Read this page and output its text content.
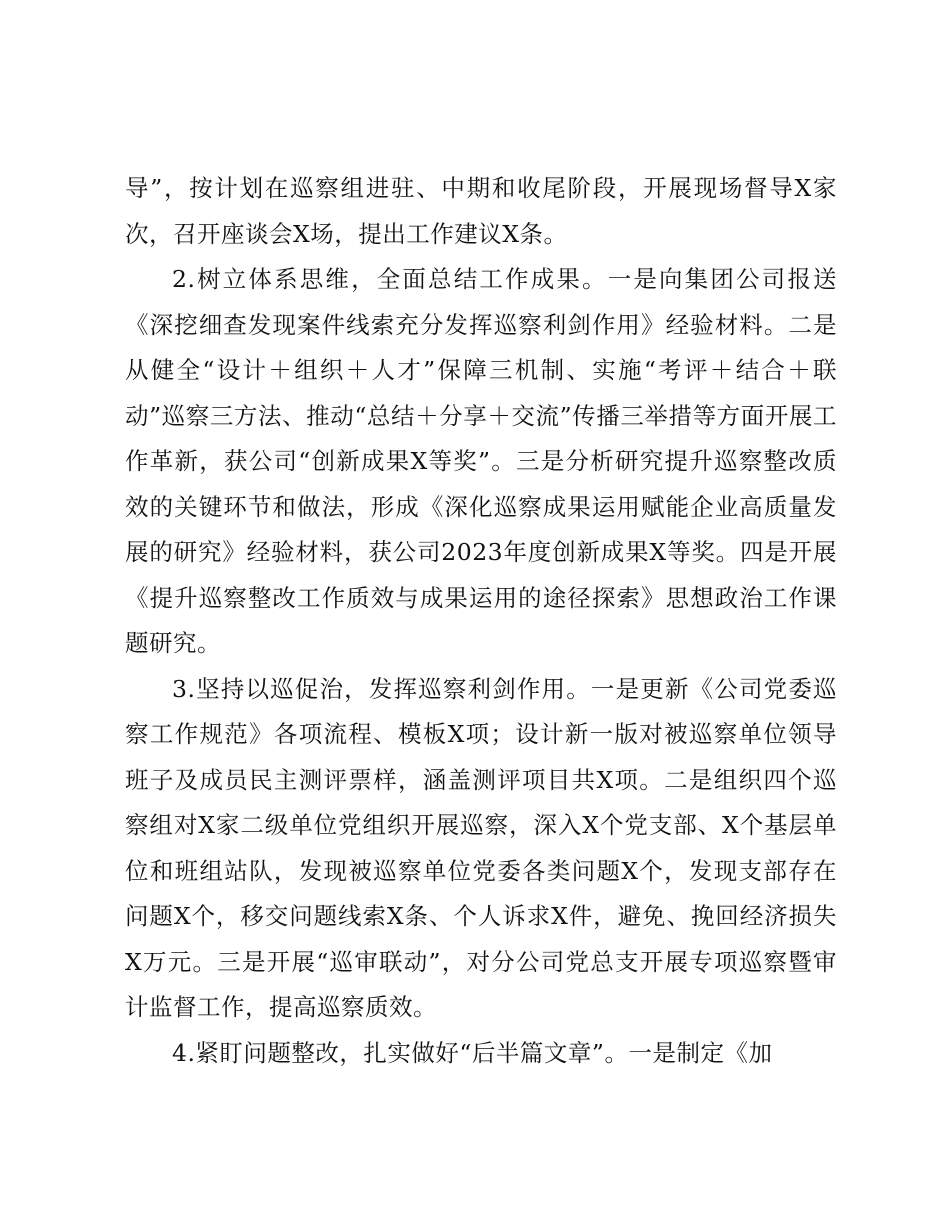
导”，按计划在巡察组进驻、中期和收尾阶段，开展现场督导X家次，召开座谈会X场，提出工作建议X条。

2.树立体系思维，全面总结工作成果。一是向集团公司报送《深挖细查发现案件线索充分发挥巡察利剑作用》经验材料。二是从健全“设计＋组织＋人才”保障三机制、实施“考评＋结合＋联动”巡察三方法、推动“总结＋分享＋交流”传播三举措等方面开展工作革新，获公司“创新成果X等奖”。三是分析研究提升巡察整改质效的关键环节和做法，形成《深化巡察成果运用赋能企业高质量发展的研究》经验材料，获公司2023年度创新成果X等奖。四是开展《提升巡察整改工作质效与成果运用的途径探索》思想政治工作课题研究。

3.坚持以巡促治，发挥巡察利剑作用。一是更新《公司党委巡察工作规范》各项流程、模板X项；设计新一版对被巡察单位领导班子及成员民主测评票样，涵盖测评项目共X项。二是组织四个巡察组对X家二级单位党组织开展巡察，深入X个党支部、X个基层单位和班组站队，发现被巡察单位党委各类问题X个，发现支部存在问题X个，移交问题线索X条、个人诉求X件，避免、挽回经济损失X万元。三是开展“巡审联动”，对分公司党总支开展专项巡察暨审计监督工作，提高巡察质效。

4.紧盯问题整改，扎实做好“后半篇文章”。一是制定《加
